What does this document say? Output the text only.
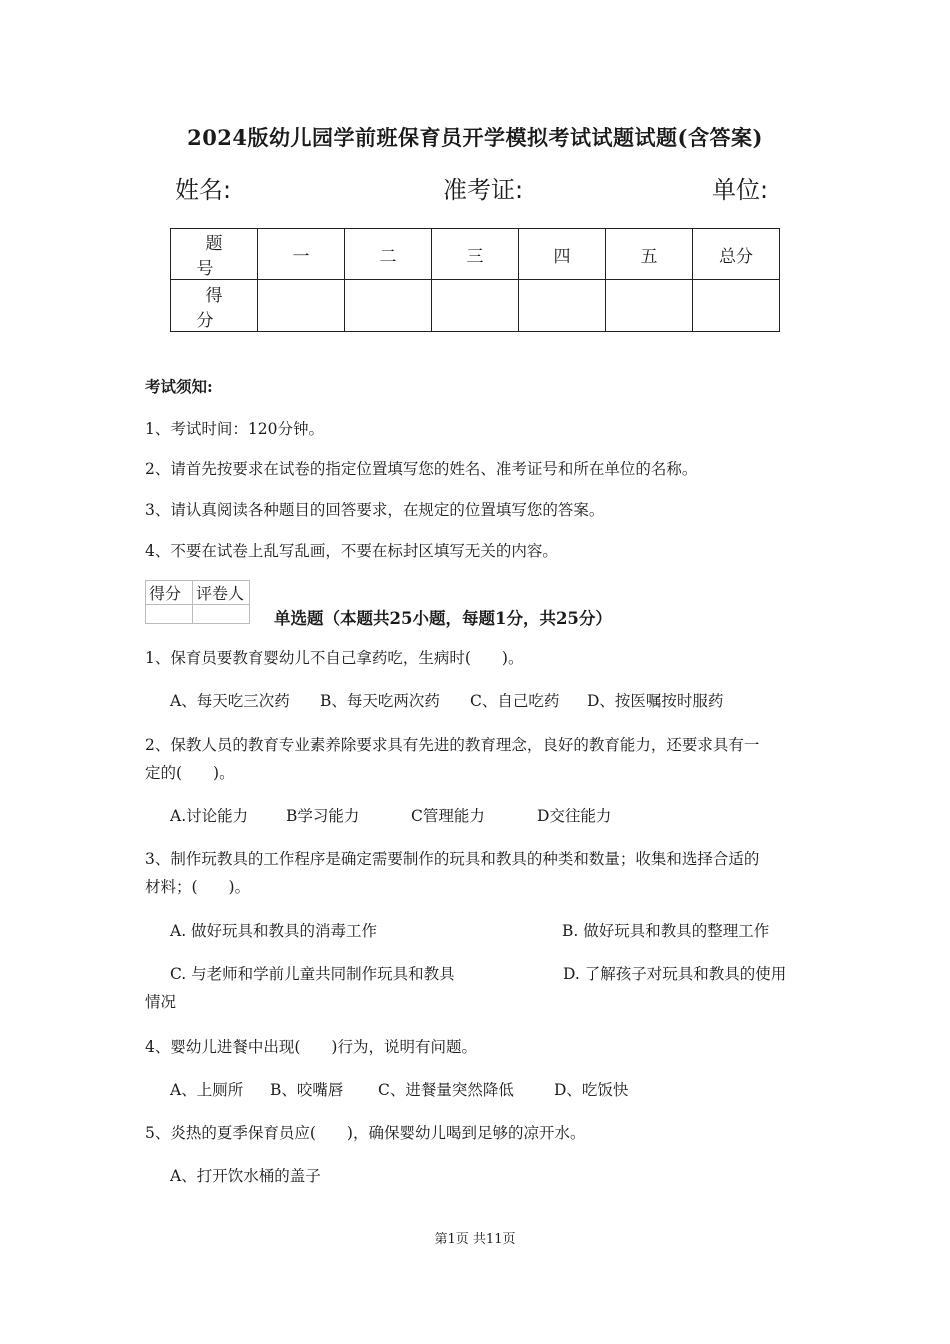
2024版幼儿园学前班保育员开学模拟考试试题试题(含答案)
姓名:	准考证:	单位:
题号	一	二	三	四	五	总分
得分						
考试须知:
1、考试时间：120分钟。
2、请首先按要求在试卷的指定位置填写您的姓名、准考证号和所在单位的名称。
3、请认真阅读各种题目的回答要求，在规定的位置填写您的答案。
4、不要在试卷上乱写乱画，不要在标封区填写无关的内容。
得分	评卷人

单选题（本题共25小题，每题1分，共25分）
1、保育员要教育婴幼儿不自己拿药吃，生病时(　　)。
A、每天吃三次药 B、每天吃两次药 C、自己吃药 D、按医嘱按时服药
2、保教人员的教育专业素养除要求具有先进的教育理念，良好的教育能力，还要求具有一
定的(　　)。
A.讨论能力 B学习能力	C管理能力	D交往能力
3、制作玩教具的工作程序是确定需要制作的玩具和教具的种类和数量；收集和选择合适的
材料；(　　)。
A. 做好玩具和教具的消毒工作	B. 做好玩具和教具的整理工作
C. 与老师和学前儿童共同制作玩具和教具	D. 了解孩子对玩具和教具的使用
情况
4、婴幼儿进餐中出现(　　)行为，说明有问题。
A、上厕所 B、咬嘴唇 C、进餐量突然降低	D、吃饭快
5、炎热的夏季保育员应(　　)，确保婴幼儿喝到足够的凉开水。
A、打开饮水桶的盖子
第1页 共11页
